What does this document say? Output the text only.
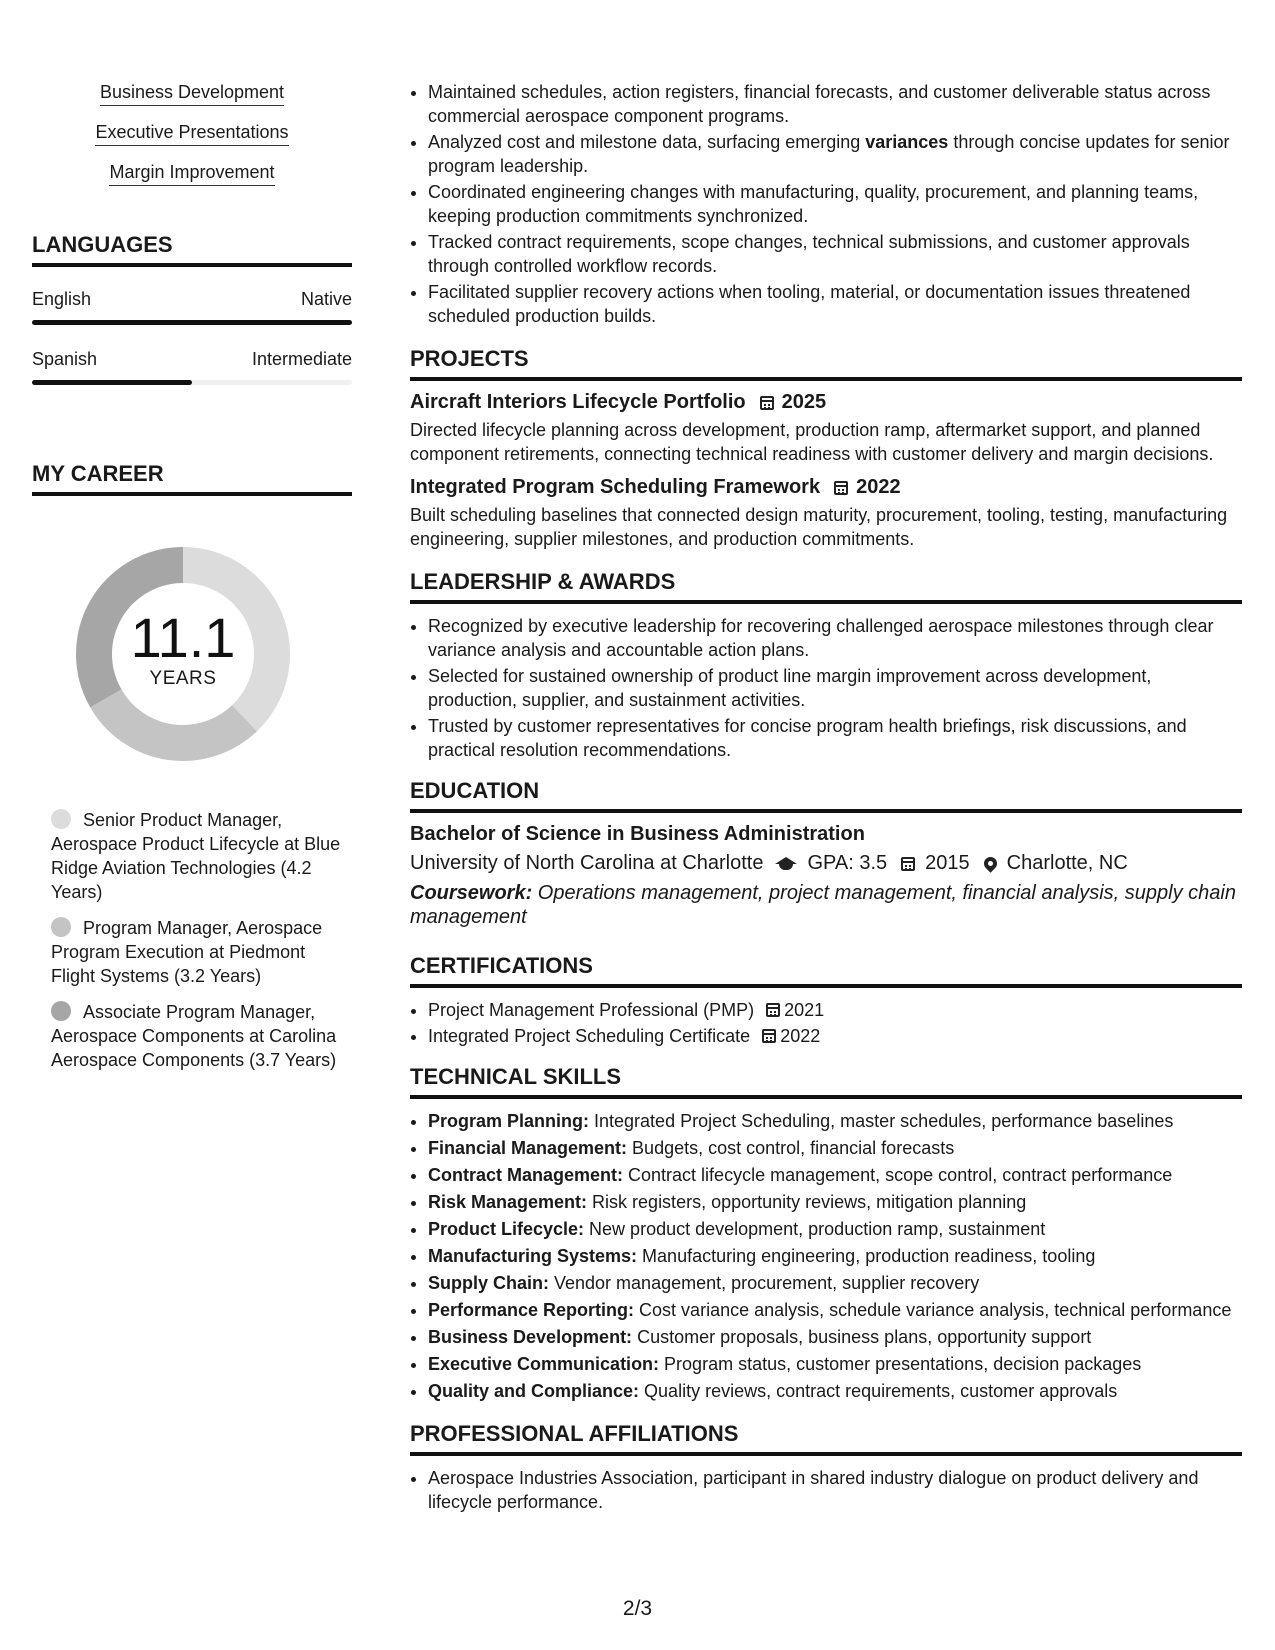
Business Development
Executive Presentations
Margin Improvement
LANGUAGES
English	Native
Spanish	Intermediate
MY CAREER
11.1
YEARS
Senior Product Manager, Aerospace Product Lifecycle at Blue Ridge Aviation Technologies (4.2 Years)
Program Manager, Aerospace Program Execution at Piedmont Flight Systems (3.2 Years)
Associate Program Manager, Aerospace Components at Carolina Aerospace Components (3.7 Years)
• Maintained schedules, action registers, financial forecasts, and customer deliverable status across commercial aerospace component programs.
• Analyzed cost and milestone data, surfacing emerging variances through concise updates for senior program leadership.
• Coordinated engineering changes with manufacturing, quality, procurement, and planning teams, keeping production commitments synchronized.
• Tracked contract requirements, scope changes, technical submissions, and customer approvals through controlled workflow records.
• Facilitated supplier recovery actions when tooling, material, or documentation issues threatened scheduled production builds.
PROJECTS
Aircraft Interiors Lifecycle Portfolio 2025
Directed lifecycle planning across development, production ramp, aftermarket support, and planned component retirements, connecting technical readiness with customer delivery and margin decisions.
Integrated Program Scheduling Framework 2022
Built scheduling baselines that connected design maturity, procurement, tooling, testing, manufacturing engineering, supplier milestones, and production commitments.
LEADERSHIP & AWARDS
• Recognized by executive leadership for recovering challenged aerospace milestones through clear variance analysis and accountable action plans.
• Selected for sustained ownership of product line margin improvement across development, production, supplier, and sustainment activities.
• Trusted by customer representatives for concise program health briefings, risk discussions, and practical resolution recommendations.
EDUCATION
Bachelor of Science in Business Administration
University of North Carolina at Charlotte GPA: 3.5 2015 Charlotte, NC
Coursework: Operations management, project management, financial analysis, supply chain management
CERTIFICATIONS
• Project Management Professional (PMP) 2021
• Integrated Project Scheduling Certificate 2022
TECHNICAL SKILLS
• Program Planning: Integrated Project Scheduling, master schedules, performance baselines
• Financial Management: Budgets, cost control, financial forecasts
• Contract Management: Contract lifecycle management, scope control, contract performance
• Risk Management: Risk registers, opportunity reviews, mitigation planning
• Product Lifecycle: New product development, production ramp, sustainment
• Manufacturing Systems: Manufacturing engineering, production readiness, tooling
• Supply Chain: Vendor management, procurement, supplier recovery
• Performance Reporting: Cost variance analysis, schedule variance analysis, technical performance
• Business Development: Customer proposals, business plans, opportunity support
• Executive Communication: Program status, customer presentations, decision packages
• Quality and Compliance: Quality reviews, contract requirements, customer approvals
PROFESSIONAL AFFILIATIONS
• Aerospace Industries Association, participant in shared industry dialogue on product delivery and lifecycle performance.
2/3
